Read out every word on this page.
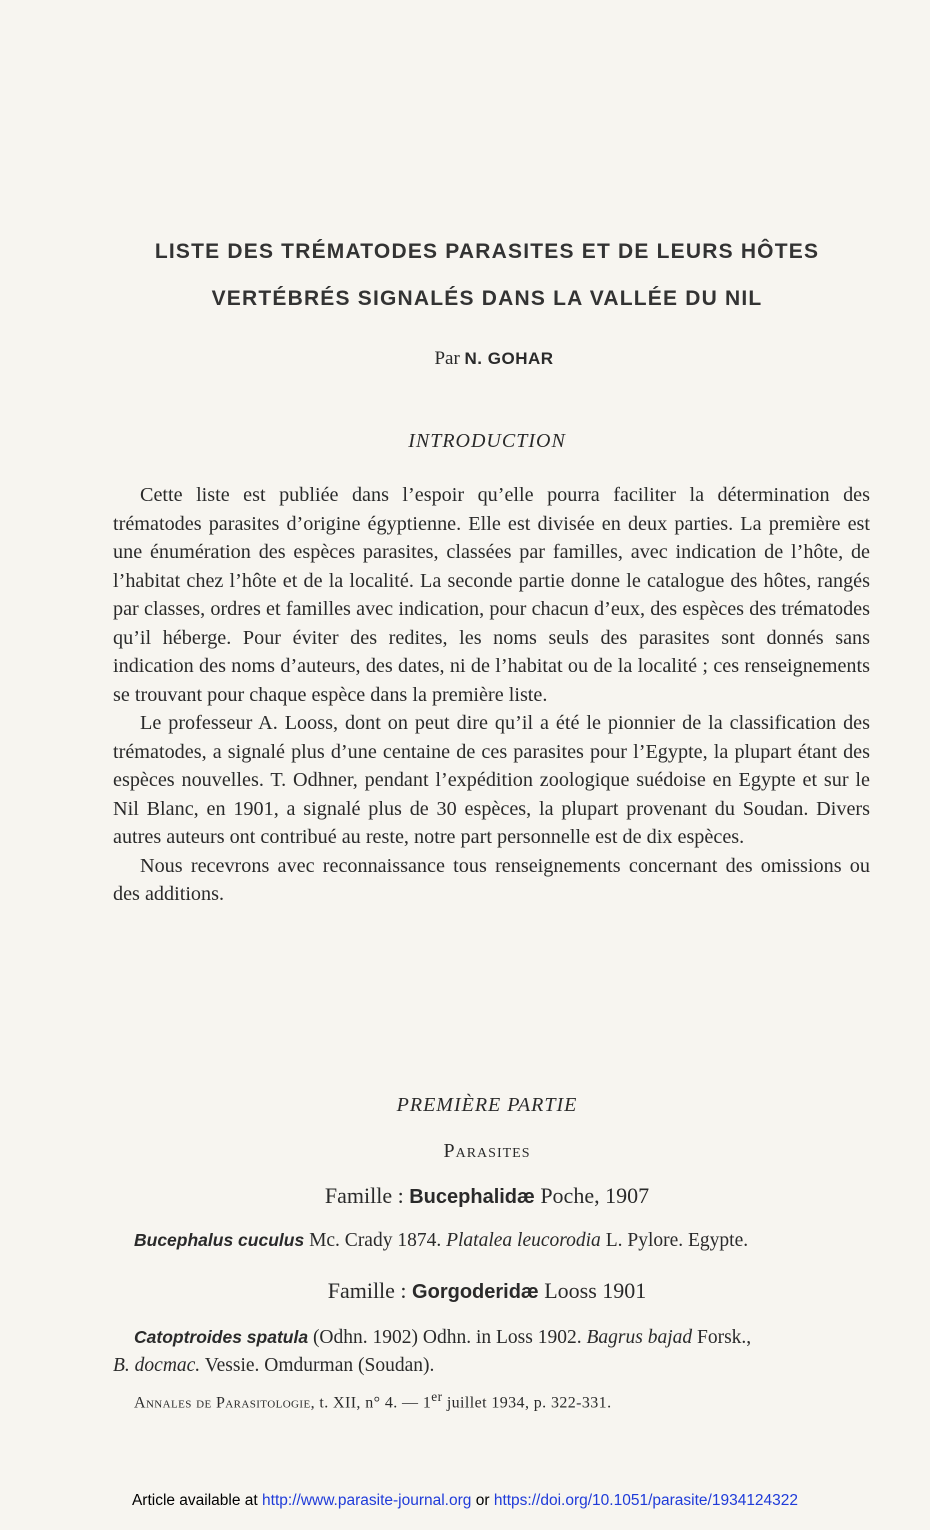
LISTE DES TRÉMATODES PARASITES ET DE LEURS HÔTES
VERTÉBRÉS SIGNALÉS DANS LA VALLÉE DU NIL
Par N. GOHAR
INTRODUCTION

Cette liste est publiée dans l’espoir qu’elle pourra faciliter la détermination des trématodes parasites d’origine égyptienne. Elle est divisée en deux parties. La première est une énumération des espèces parasites, classées par familles, avec indication de l’hôte, de l’habitat chez l’hôte et de la localité. La seconde partie donne le catalogue des hôtes, rangés par classes, ordres et familles avec indication, pour chacun d’eux, des espèces des trématodes qu’il héberge. Pour éviter des redites, les noms seuls des parasites sont donnés sans indication des noms d’auteurs, des dates, ni de l’habitat ou de la localité ; ces renseignements se trouvant pour chaque espèce dans la première liste.

Le professeur A. Looss, dont on peut dire qu’il a été le pionnier de la classification des trématodes, a signalé plus d’une centaine de ces parasites pour l’Egypte, la plupart étant des espèces nouvelles. T. Odhner, pendant l’expédition zoologique suédoise en Egypte et sur le Nil Blanc, en 1901, a signalé plus de 30 espèces, la plupart provenant du Soudan. Divers autres auteurs ont contribué au reste, notre part personnelle est de dix espèces.

Nous recevrons avec reconnaissance tous renseignements concernant des omissions ou des additions.

PREMIÈRE PARTIE
Parasites
Famille : Bucephalidæ Poche, 1907
Bucephalus cuculus Mc. Crady 1874. Platalea leucorodia L. Pylore. Egypte.
Famille : Gorgoderidæ Looss 1901
Catoptroides spatula (Odhn. 1902) Odhn. in Loss 1902. Bagrus bajad Forsk.,
B. docmac. Vessie. Omdurman (Soudan).
Annales de Parasitologie, t. XII, n° 4. — 1er juillet 1934, p. 322-331.
Article available at http://www.parasite-journal.org or https://doi.org/10.1051/parasite/1934124322
